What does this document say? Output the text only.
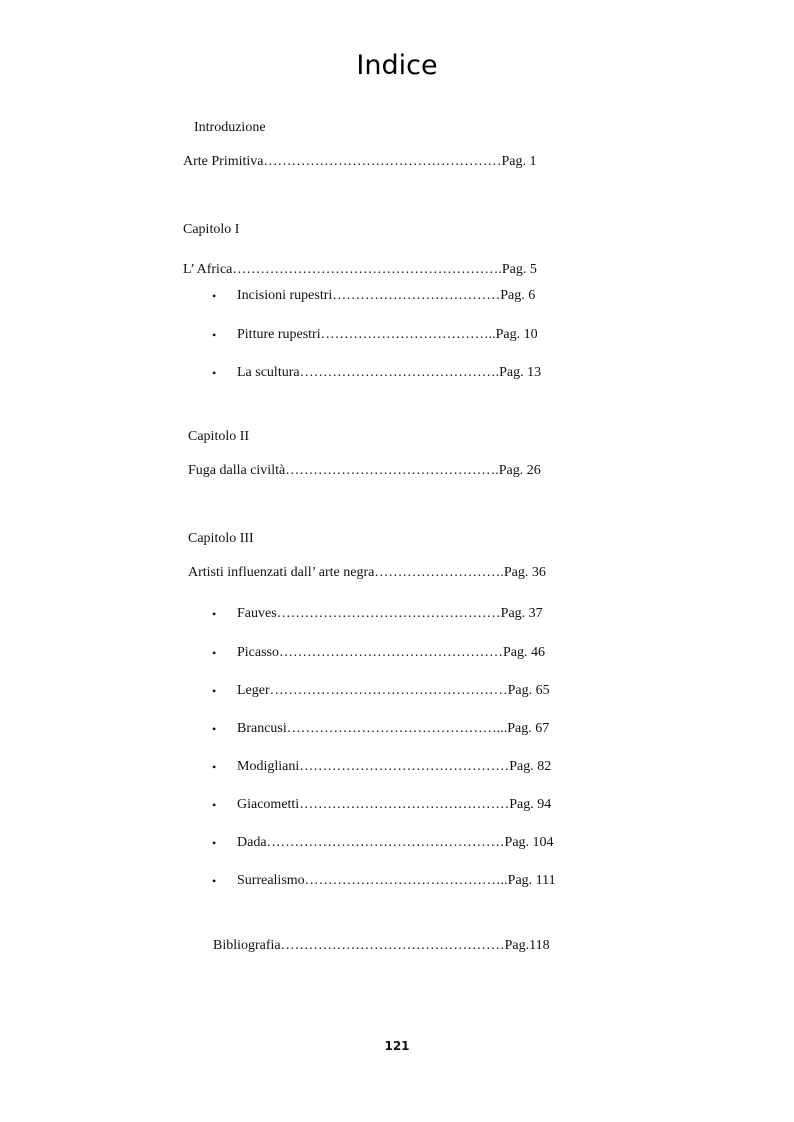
Indice
Introduzione
Arte Primitiva……………………………………………Pag. 1
Capitolo I
L’ Africa………………………………………………….Pag. 5
• Incisioni rupestri………………………………Pag. 6
• Pitture rupestri………………………………..Pag. 10
• La scultura…………………………………….Pag. 13
Capitolo II
Fuga dalla civiltà……………………………………….Pag. 26
Capitolo III
Artisti influenzati dall’ arte negra……………………….Pag. 36
• Fauves…………………………………………Pag. 37
• Picasso…………………………………………Pag. 46
• Leger……………………………………………Pag. 65
• Brancusi………………………………………...Pag. 67
• Modigliani………………………………………Pag. 82
• Giacometti………………………………………Pag. 94
• Dada……………………………………………Pag. 104
• Surrealismo……………………………………..Pag. 111
Bibliografia…………………………………………Pag.118
121
